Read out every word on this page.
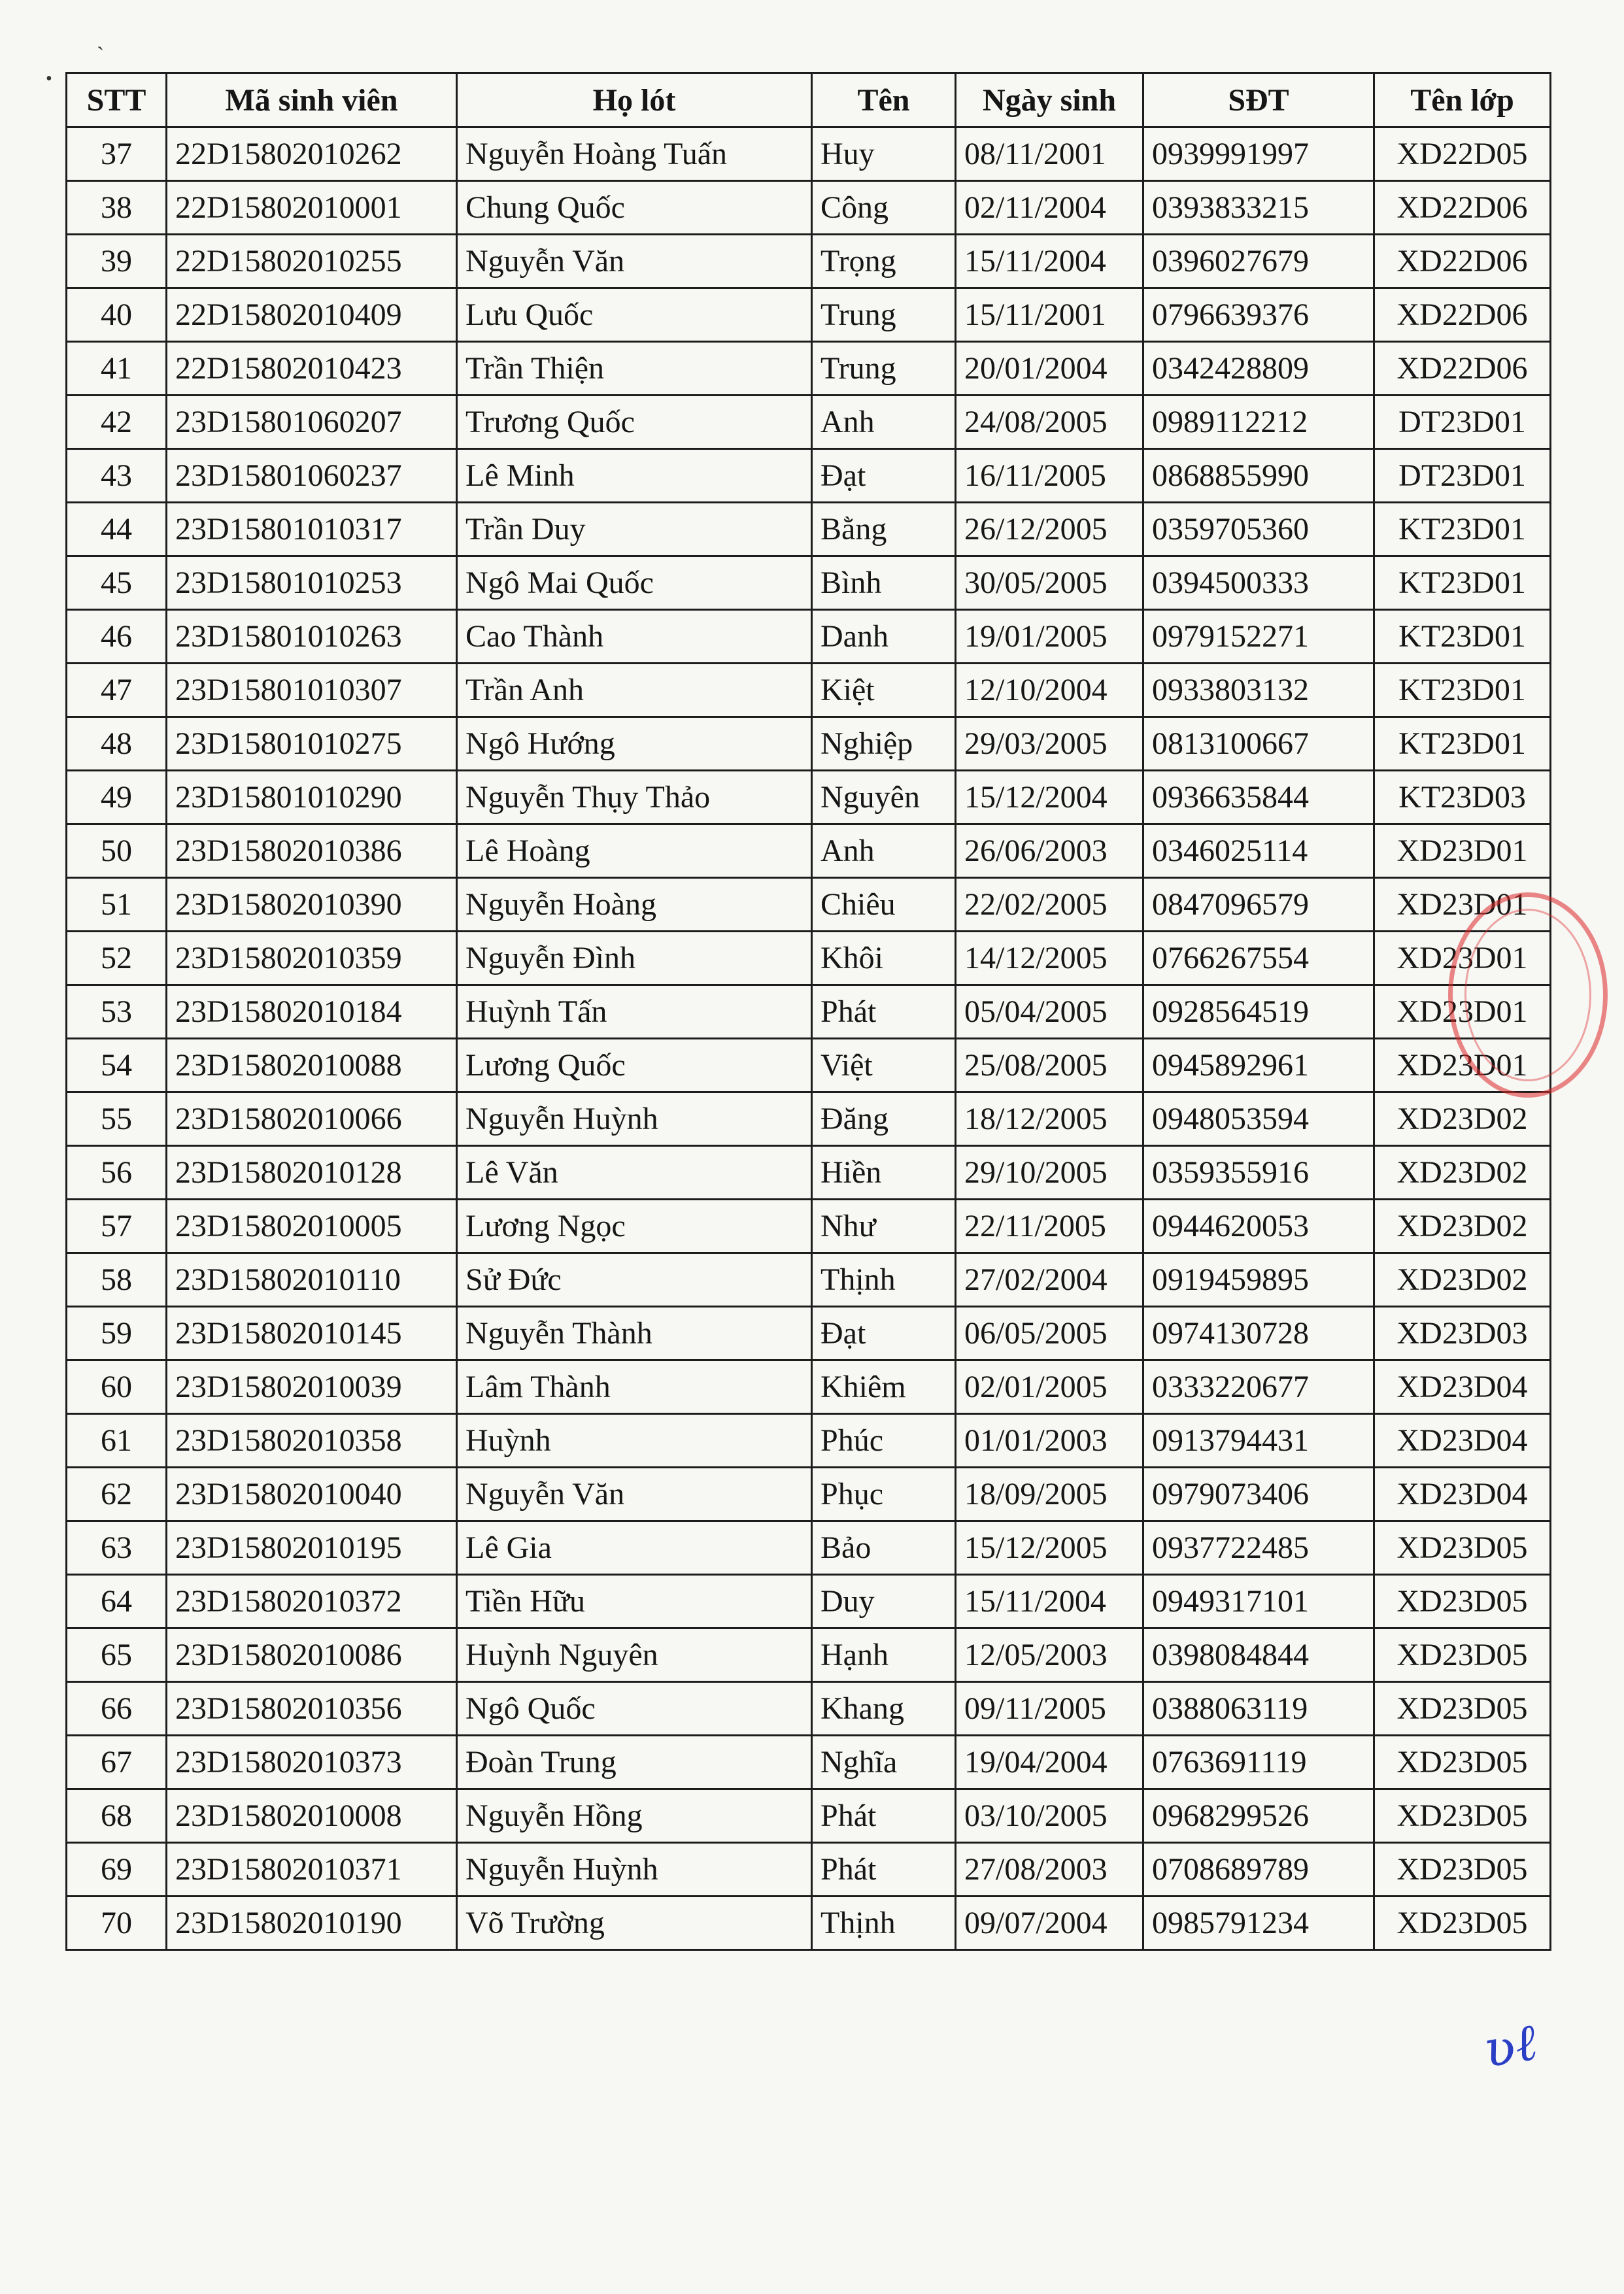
ˎ
•
STT	Mã sinh viên	Họ lót	Tên	Ngày sinh	SĐT	Tên lớp
37	22D15802010262	Nguyễn Hoàng Tuấn	Huy	08/11/2001	0939991997	XD22D05
38	22D15802010001	Chung Quốc	Công	02/11/2004	0393833215	XD22D06
39	22D15802010255	Nguyễn Văn	Trọng	15/11/2004	0396027679	XD22D06
40	22D15802010409	Lưu Quốc	Trung	15/11/2001	0796639376	XD22D06
41	22D15802010423	Trần Thiện	Trung	20/01/2004	0342428809	XD22D06
42	23D15801060207	Trương Quốc	Anh	24/08/2005	0989112212	DT23D01
43	23D15801060237	Lê Minh	Đạt	16/11/2005	0868855990	DT23D01
44	23D15801010317	Trần Duy	Bằng	26/12/2005	0359705360	KT23D01
45	23D15801010253	Ngô Mai Quốc	Bình	30/05/2005	0394500333	KT23D01
46	23D15801010263	Cao Thành	Danh	19/01/2005	0979152271	KT23D01
47	23D15801010307	Trần Anh	Kiệt	12/10/2004	0933803132	KT23D01
48	23D15801010275	Ngô Hướng	Nghiệp	29/03/2005	0813100667	KT23D01
49	23D15801010290	Nguyễn Thụy Thảo	Nguyên	15/12/2004	0936635844	KT23D03
50	23D15802010386	Lê Hoàng	Anh	26/06/2003	0346025114	XD23D01
51	23D15802010390	Nguyễn Hoàng	Chiêu	22/02/2005	0847096579	XD23D01
52	23D15802010359	Nguyễn Đình	Khôi	14/12/2005	0766267554	XD23D01
53	23D15802010184	Huỳnh Tấn	Phát	05/04/2005	0928564519	XD23D01
54	23D15802010088	Lương Quốc	Việt	25/08/2005	0945892961	XD23D01
55	23D15802010066	Nguyễn Huỳnh	Đăng	18/12/2005	0948053594	XD23D02
56	23D15802010128	Lê Văn	Hiền	29/10/2005	0359355916	XD23D02
57	23D15802010005	Lương Ngọc	Như	22/11/2005	0944620053	XD23D02
58	23D15802010110	Sử Đức	Thịnh	27/02/2004	0919459895	XD23D02
59	23D15802010145	Nguyễn Thành	Đạt	06/05/2005	0974130728	XD23D03
60	23D15802010039	Lâm Thành	Khiêm	02/01/2005	0333220677	XD23D04
61	23D15802010358	Huỳnh	Phúc	01/01/2003	0913794431	XD23D04
62	23D15802010040	Nguyễn Văn	Phục	18/09/2005	0979073406	XD23D04
63	23D15802010195	Lê Gia	Bảo	15/12/2005	0937722485	XD23D05
64	23D15802010372	Tiền Hữu	Duy	15/11/2004	0949317101	XD23D05
65	23D15802010086	Huỳnh Nguyên	Hạnh	12/05/2003	0398084844	XD23D05
66	23D15802010356	Ngô Quốc	Khang	09/11/2005	0388063119	XD23D05
67	23D15802010373	Đoàn Trung	Nghĩa	19/04/2004	0763691119	XD23D05
68	23D15802010008	Nguyễn Hồng	Phát	03/10/2005	0968299526	XD23D05
69	23D15802010371	Nguyễn Huỳnh	Phát	27/08/2003	0708689789	XD23D05
70	23D15802010190	Võ Trường	Thịnh	09/07/2004	0985791234	XD23D05
ʋℓ
